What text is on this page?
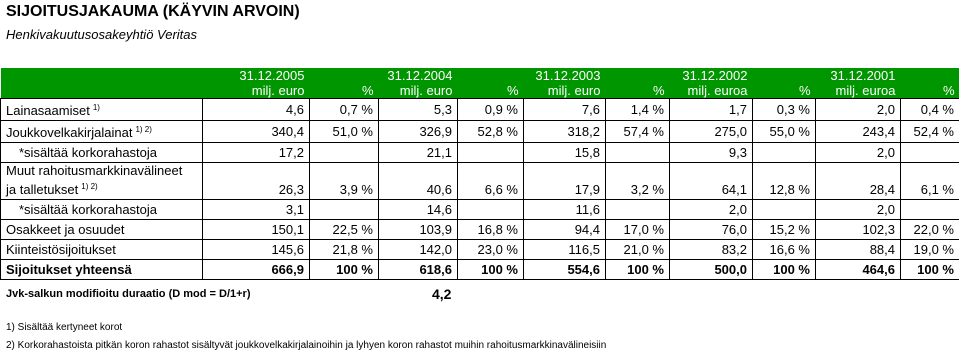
SIJOITUSJAKAUMA (KÄYVIN ARVOIN)
Henkivakuutusosakeyhtiö Veritas
	31.12.2005		31.12.2004		31.12.2003		31.12.2002		31.12.2001	
	milj. euro	%	milj. euro	%	milj. euro	%	milj. euroa	%	milj. euroa	%
Lainasaamiset $^{1)}$	4,6	0,7 %	5,3	0,9 %	7,6	1,4 %	1,7	0,3 %	2,0	0,4 %
Joukkovelkakirjalainat $^{1) 2)}$	340,4	51,0 %	326,9	52,8 %	318,2	57,4 %	275,0	55,0 %	243,4	52,4 %
*sisältää korkorahastoja	17,2		21,1		15,8		9,3		2,0	
Muut rahoitusmarkkinavälineet
ja talletukset $^{1) 2)}$	26,3	3,9 %	40,6	6,6 %	17,9	3,2 %	64,1	12,8 %	28,4	6,1 %
*sisältää korkorahastoja	3,1		14,6		11,6		2,0		2,0	
Osakkeet ja osuudet	150,1	22,5 %	103,9	16,8 %	94,4	17,0 %	76,0	15,2 %	102,3	22,0 %
Kiinteistösijoitukset	145,6	21,8 %	142,0	23,0 %	116,5	21,0 %	83,2	16,6 %	88,4	19,0 %
Sijoitukset yhteensä	666,9	100 %	618,6	100 %	554,6	100 %	500,0	100 %	464,6	100 %
Jvk-salkun modifioitu duraatio (D mod = D/1+r)	4,2
1) Sisältää kertyneet korot
2) Korkorahastoista pitkän koron rahastot sisältyvät joukkovelkakirjalainoihin ja lyhyen koron rahastot muihin rahoitusmarkkinavälineisiin
